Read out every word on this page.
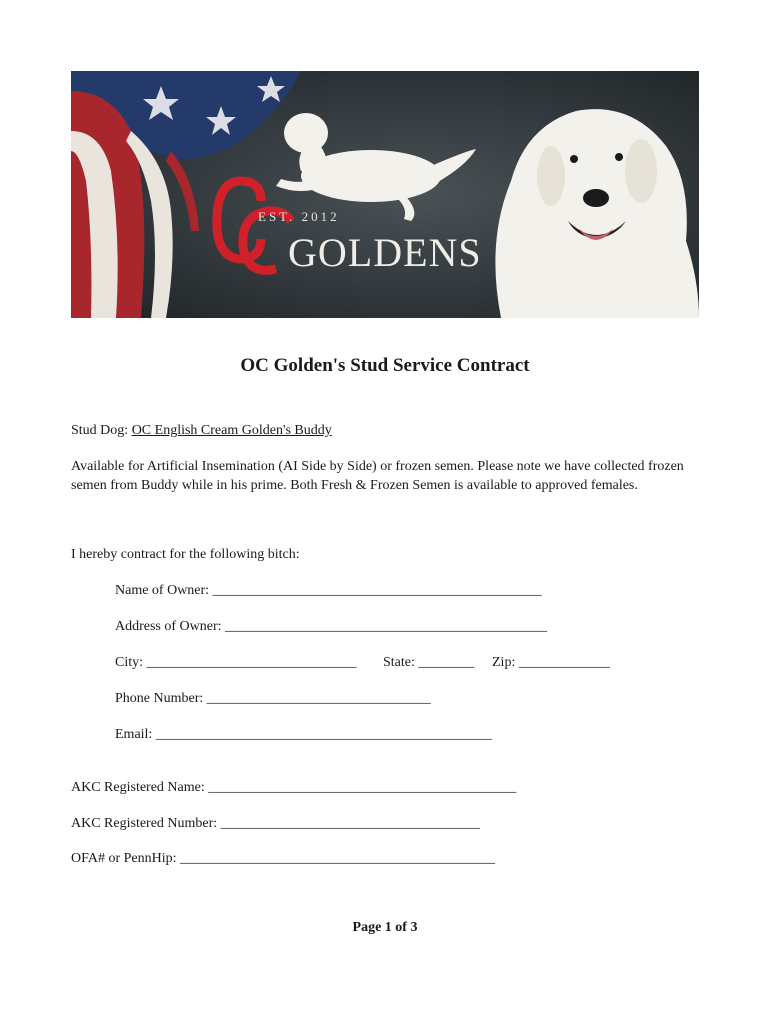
EST. 2012
GOLDENS
OC Golden's Stud Service Contract
Stud Dog: OC English Cream Golden's Buddy
Available for Artificial Insemination (AI Side by Side) or frozen semen. Please note we have collected frozen semen from Buddy while in his prime. Both Fresh & Frozen Semen is available to approved females.
I hereby contract for the following bitch:
Name of Owner: _______________________________________________
Address of Owner: ______________________________________________
City: ______________________________ State: ________ Zip: _____________
Phone Number: ________________________________
Email: ________________________________________________
AKC Registered Name: ____________________________________________
AKC Registered Number: _____________________________________
OFA# or PennHip: _____________________________________________
Page 1 of 3
